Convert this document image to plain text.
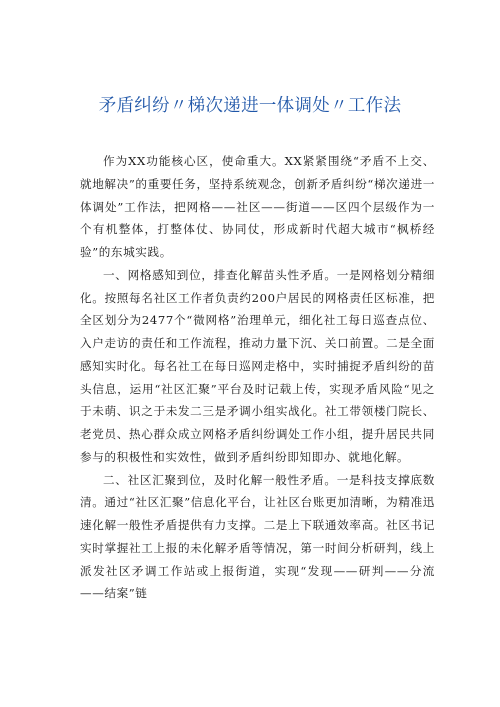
矛盾纠纷〃梯次递进一体调处〃工作法

作为XX功能核心区，使命重大。XX紧紧围绕“矛盾不上交、就地解决”的重要任务，坚持系统观念，创新矛盾纠纷“梯次递进一体调处”工作法，把网格——社区——街道——区四个层级作为一个有机整体，打整体仗、协同仗，形成新时代超大城市“枫桥经验”的东城实践。

一、网格感知到位，排查化解苗头性矛盾。一是网格划分精细化。按照每名社区工作者负责约200户居民的网格责任区标准，把全区划分为2477个“微网格”治理单元，细化社工每日巡查点位、入户走访的责任和工作流程，推动力量下沉、关口前置。二是全面感知实时化。每名社工在每日巡网走格中，实时捕捉矛盾纠纷的苗头信息，运用“社区汇聚”平台及时记载上传，实现矛盾风险“见之于未萌、识之于未发二三是矛调小组实战化。社工带领楼门院长、老党员、热心群众成立网格矛盾纠纷调处工作小组，提升居民共同参与的积极性和实效性，做到矛盾纠纷即知即办、就地化解。

二、社区汇聚到位，及时化解一般性矛盾。一是科技支撑底数清。通过“社区汇聚”信息化平台，让社区台账更加清晰，为精准迅速化解一般性矛盾提供有力支撑。二是上下联通效率高。社区书记实时掌握社工上报的未化解矛盾等情况，第一时间分析研判，线上派发社区矛调工作站或上报街道，实现“发现——研判——分流——结案”链
